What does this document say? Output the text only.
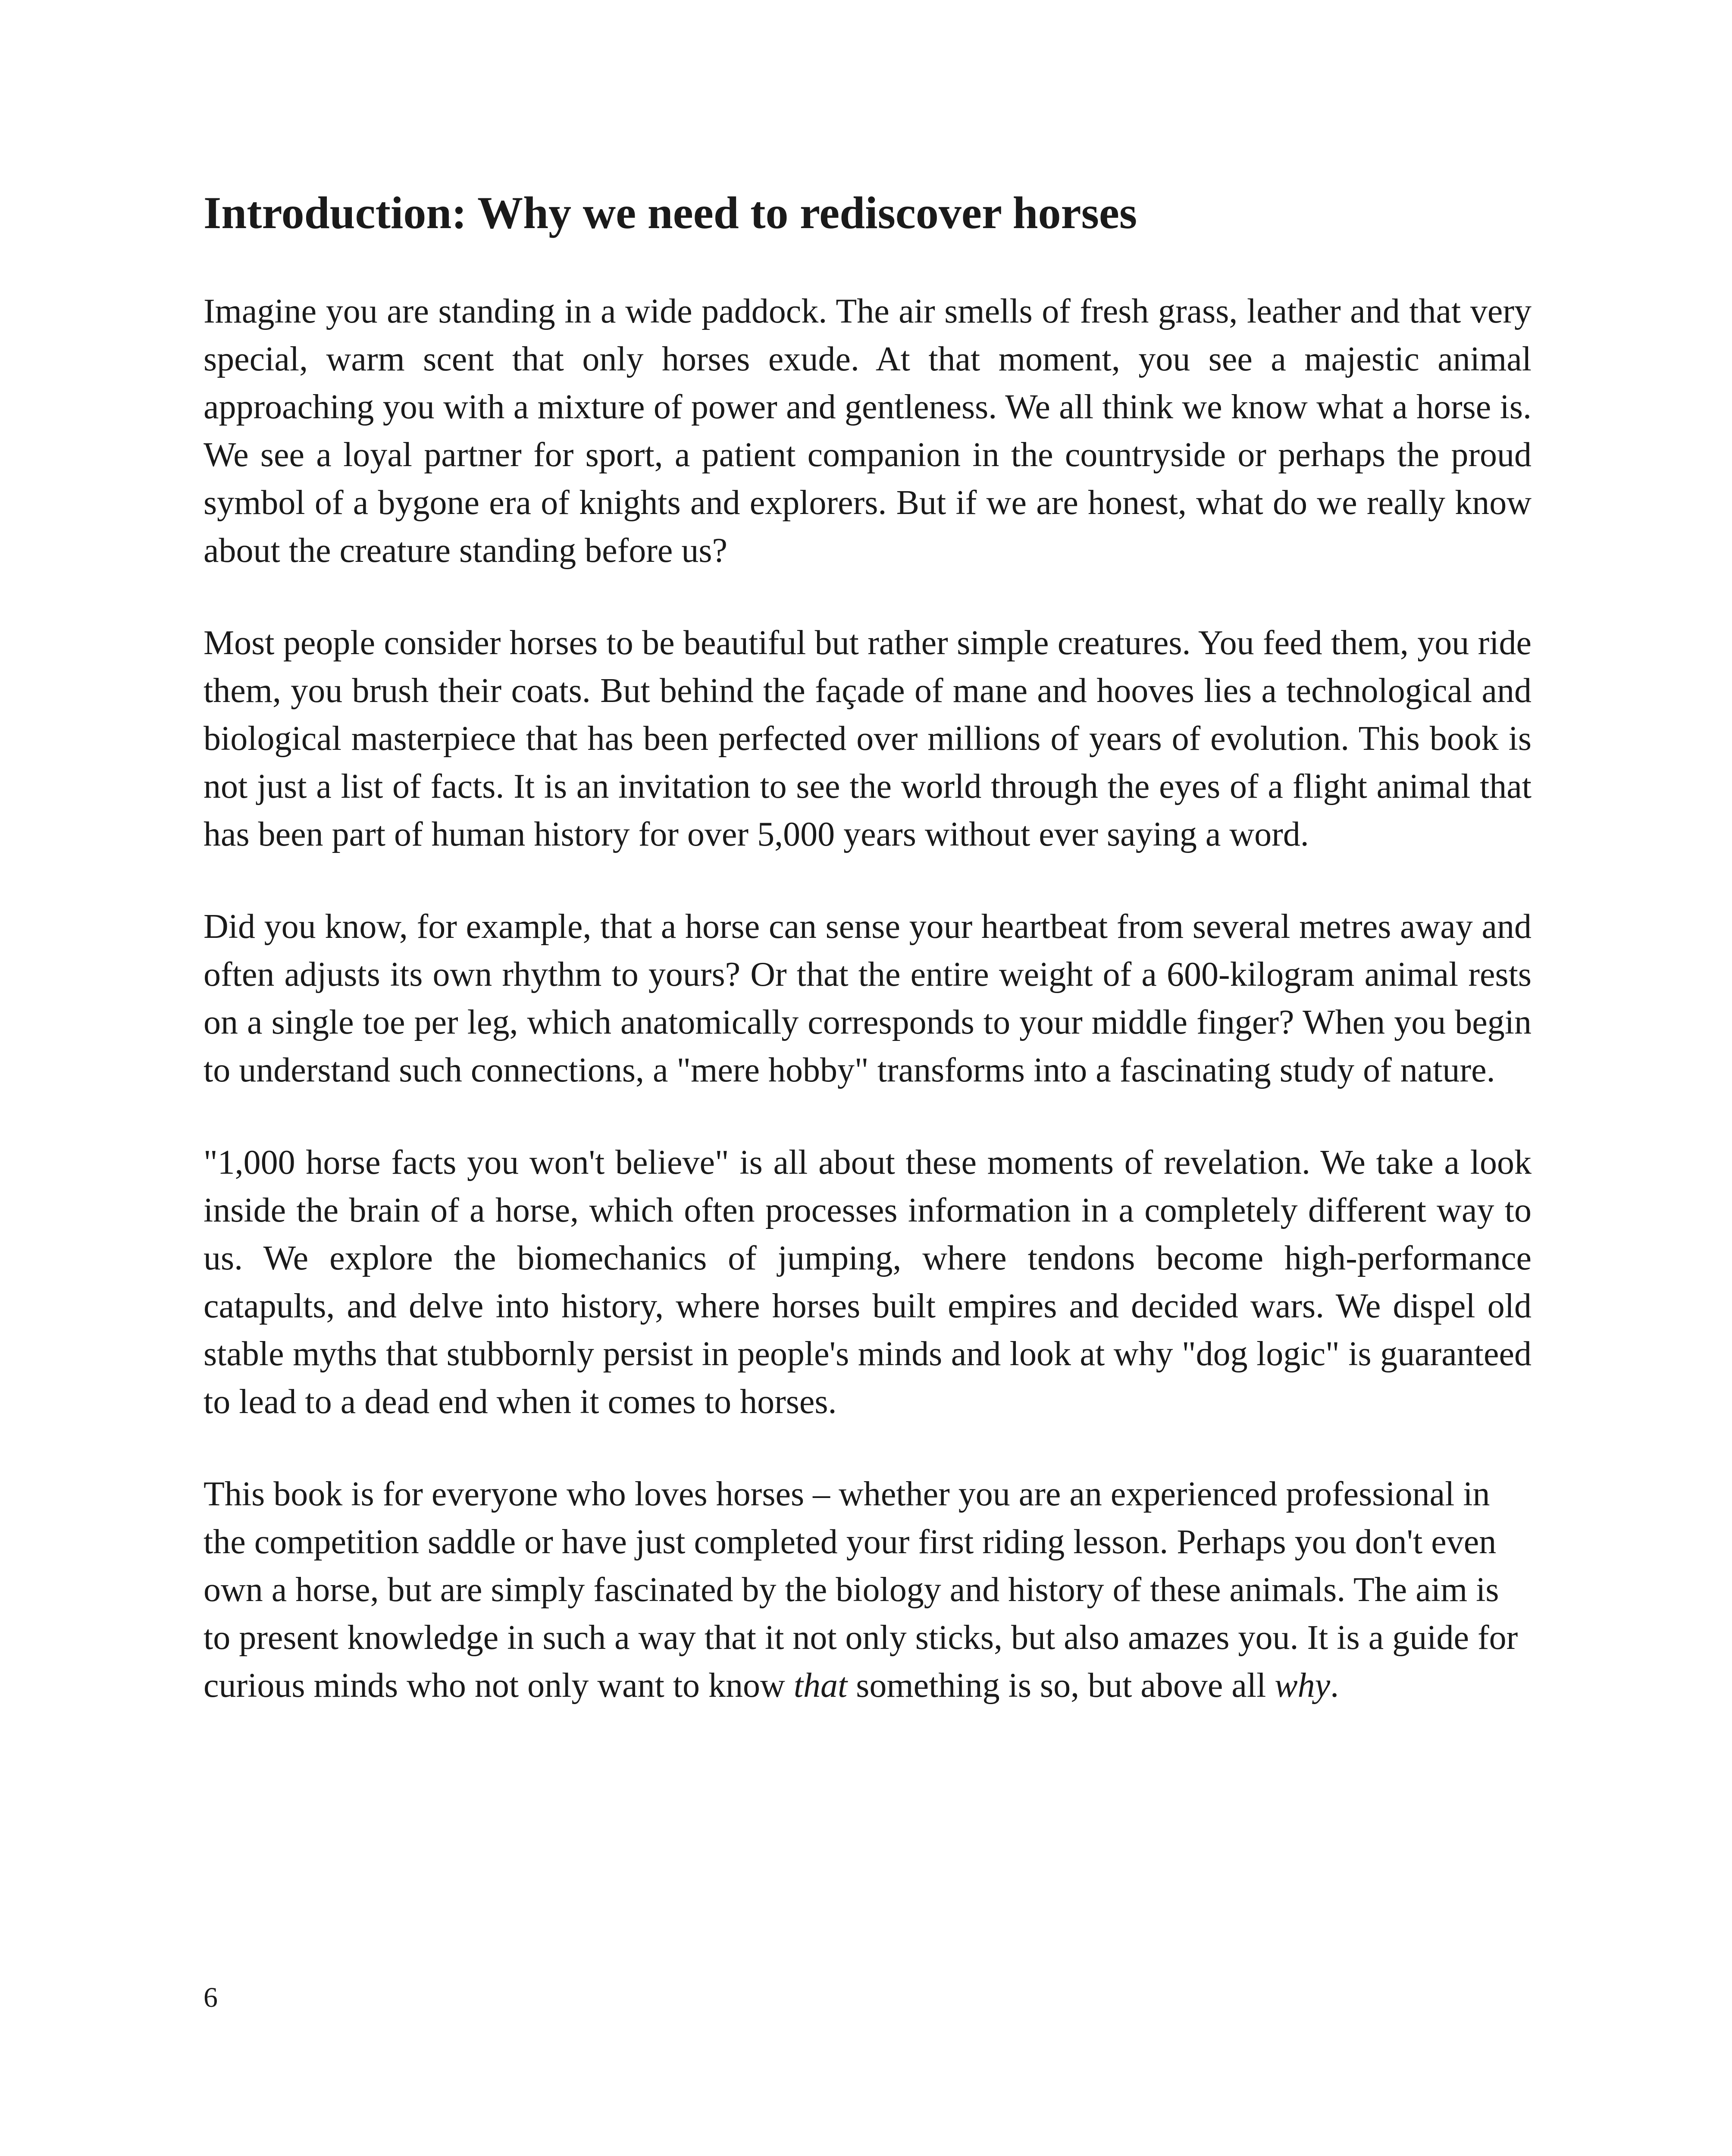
Introduction: Why we need to rediscover horses

Imagine you are standing in a wide paddock. The air smells of fresh grass, leather and that very special, warm scent that only horses exude. At that moment, you see a majestic animal approaching you with a mixture of power and gentleness. We all think we know what a horse is. We see a loyal partner for sport, a patient companion in the countryside or perhaps the proud symbol of a bygone era of knights and explorers. But if we are honest, what do we really know about the creature standing before us?

Most people consider horses to be beautiful but rather simple creatures. You feed them, you ride them, you brush their coats. But behind the façade of mane and hooves lies a technological and biological masterpiece that has been perfected over millions of years of evolution. This book is not just a list of facts. It is an invitation to see the world through the eyes of a flight animal that has been part of human history for over 5,000 years without ever saying a word.

Did you know, for example, that a horse can sense your heartbeat from several metres away and often adjusts its own rhythm to yours? Or that the entire weight of a 600-kilogram animal rests on a single toe per leg, which anatomically corresponds to your middle finger? When you begin to understand such connections, a "mere hobby" transforms into a fascinating study of nature.

"1,000 horse facts you won't believe" is all about these moments of revelation. We take a look inside the brain of a horse, which often processes information in a completely different way to us. We explore the biomechanics of jumping, where tendons become high-performance catapults, and delve into history, where horses built empires and decided wars. We dispel old stable myths that stubbornly persist in people's minds and look at why "dog logic" is guaranteed to lead to a dead end when it comes to horses.

This book is for everyone who loves horses – whether you are an experienced professional in the competition saddle or have just completed your first riding lesson. Perhaps you don't even own a horse, but are simply fascinated by the biology and history of these animals. The aim is to present knowledge in such a way that it not only sticks, but also amazes you. It is a guide for curious minds who not only want to know that something is so, but above all why.

6
